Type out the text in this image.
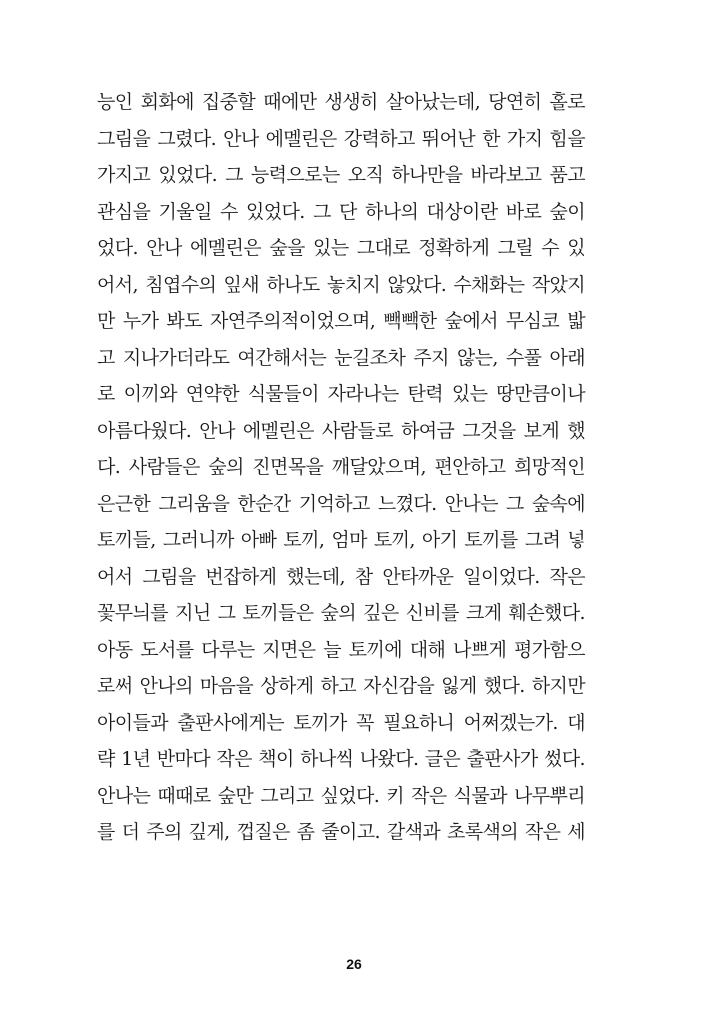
능인 회화에 집중할 때에만 생생히 살아났는데, 당연히 홀로
그림을 그렸다. 안나 에멜린은 강력하고 뛰어난 한 가지 힘을
가지고 있었다. 그 능력으로는 오직 하나만을 바라보고 품고
관심을 기울일 수 있었다. 그 단 하나의 대상이란 바로 숲이
었다. 안나 에멜린은 숲을 있는 그대로 정확하게 그릴 수 있
어서, 침엽수의 잎새 하나도 놓치지 않았다. 수채화는 작았지
만 누가 봐도 자연주의적이었으며, 빽빽한 숲에서 무심코 밟
고 지나가더라도 여간해서는 눈길조차 주지 않는, 수풀 아래
로 이끼와 연약한 식물들이 자라나는 탄력 있는 땅만큼이나
아름다웠다. 안나 에멜린은 사람들로 하여금 그것을 보게 했
다. 사람들은 숲의 진면목을 깨달았으며, 편안하고 희망적인
은근한 그리움을 한순간 기억하고 느꼈다. 안나는 그 숲속에
토끼들, 그러니까 아빠 토끼, 엄마 토끼, 아기 토끼를 그려 넣
어서 그림을 번잡하게 했는데, 참 안타까운 일이었다. 작은
꽃무늬를 지닌 그 토끼들은 숲의 깊은 신비를 크게 훼손했다.
아동 도서를 다루는 지면은 늘 토끼에 대해 나쁘게 평가함으
로써 안나의 마음을 상하게 하고 자신감을 잃게 했다. 하지만
아이들과 출판사에게는 토끼가 꼭 필요하니 어쩌겠는가. 대
략 1년 반마다 작은 책이 하나씩 나왔다. 글은 출판사가 썼다.
안나는 때때로 숲만 그리고 싶었다. 키 작은 식물과 나무뿌리
를 더 주의 깊게, 껍질은 좀 줄이고. 갈색과 초록색의 작은 세
26
